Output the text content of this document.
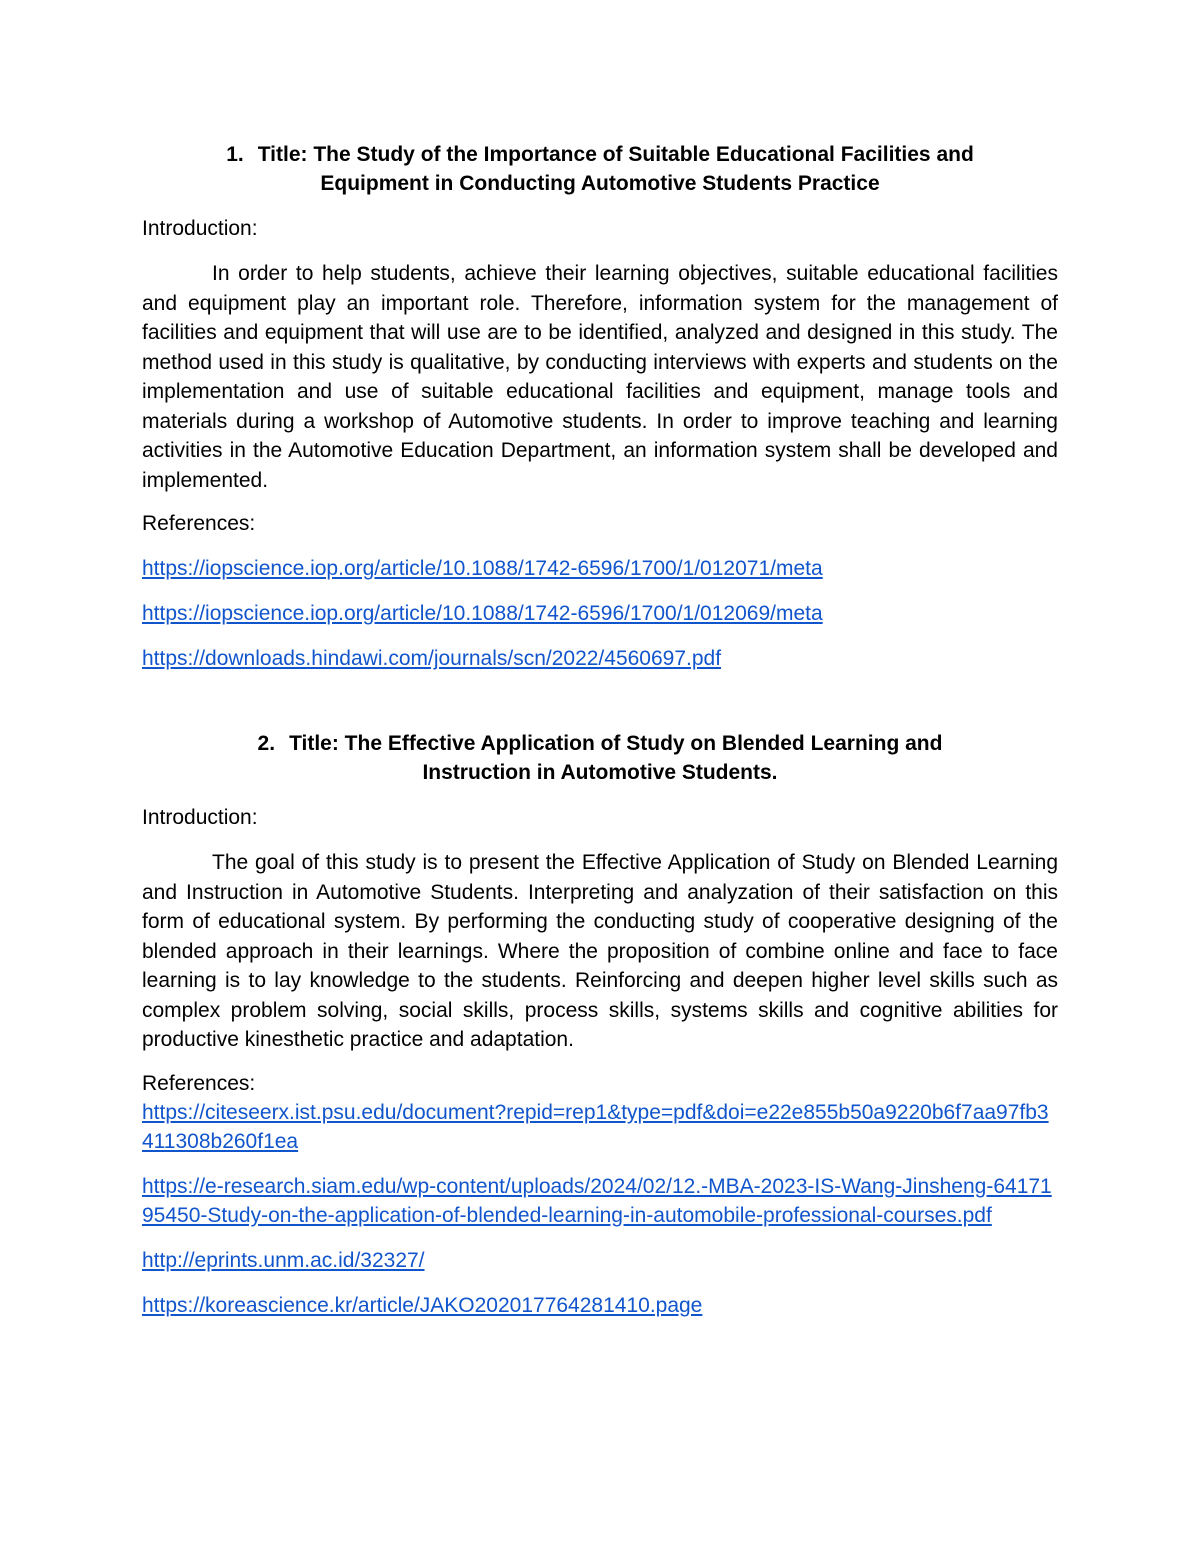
1. Title: The Study of the Importance of Suitable Educational Facilities and
Equipment in Conducting Automotive Students Practice

Introduction:

In order to help students, achieve their learning objectives, suitable educational facilities and equipment play an important role. Therefore, information system for the management of facilities and equipment that will use are to be identified, analyzed and designed in this study. The method used in this study is qualitative, by conducting interviews with experts and students on the implementation and use of suitable educational facilities and equipment, manage tools and materials during a workshop of Automotive students. In order to improve teaching and learning activities in the Automotive Education Department, an information system shall be developed and implemented.

References:

https://iopscience.iop.org/article/10.1088/1742-6596/1700/1/012071/meta
https://iopscience.iop.org/article/10.1088/1742-6596/1700/1/012069/meta
https://downloads.hindawi.com/journals/scn/2022/4560697.pdf
2. Title: The Effective Application of Study on Blended Learning and
Instruction in Automotive Students.

Introduction:

The goal of this study is to present the Effective Application of Study on Blended Learning and Instruction in Automotive Students. Interpreting and analyzation of their satisfaction on this form of educational system. By performing the conducting study of cooperative designing of the blended approach in their learnings. Where the proposition of combine online and face to face learning is to lay knowledge to the students. Reinforcing and deepen higher level skills such as complex problem solving, social skills, process skills, systems skills and cognitive abilities for productive kinesthetic practice and adaptation.

References:

https://citeseerx.ist.psu.edu/document?repid=rep1&type=pdf&doi=e22e855b50a9220b6f7aa97fb3411308b260f1ea
https://e-research.siam.edu/wp-content/uploads/2024/02/12.-MBA-2023-IS-Wang-Jinsheng-6417195450-Study-on-the-application-of-blended-learning-in-automobile-professional-courses.pdf
http://eprints.unm.ac.id/32327/
https://koreascience.kr/article/JAKO202017764281410.page
